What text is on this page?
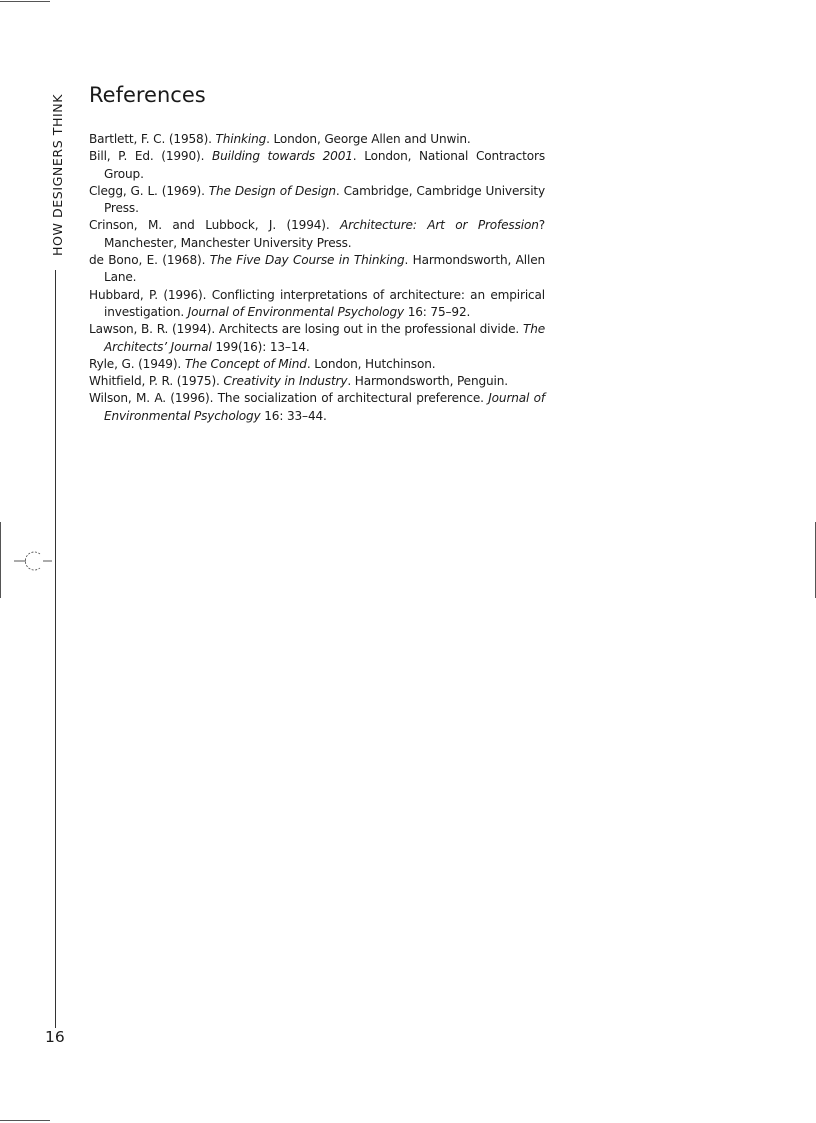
HOW DESIGNERS THINK
16
References
Bartlett, F. C. (1958). Thinking. London, George Allen and Unwin.
Bill, P. Ed. (1990). Building towards 2001. London, National Contractors Group.
Clegg, G. L. (1969). The Design of Design. Cambridge, Cambridge University Press.
Crinson, M. and Lubbock, J. (1994). Architecture: Art or Profession? Manchester, Manchester University Press.
de Bono, E. (1968). The Five Day Course in Thinking. Harmondsworth, Allen Lane.
Hubbard, P. (1996). Conflicting interpretations of architecture: an empirical investigation. Journal of Environmental Psychology 16: 75–92.
Lawson, B. R. (1994). Architects are losing out in the professional divide. The Architects’ Journal 199(16): 13–14.
Ryle, G. (1949). The Concept of Mind. London, Hutchinson.
Whitfield, P. R. (1975). Creativity in Industry. Harmondsworth, Penguin.
Wilson, M. A. (1996). The socialization of architectural preference. Journal of Environmental Psychology 16: 33–44.
